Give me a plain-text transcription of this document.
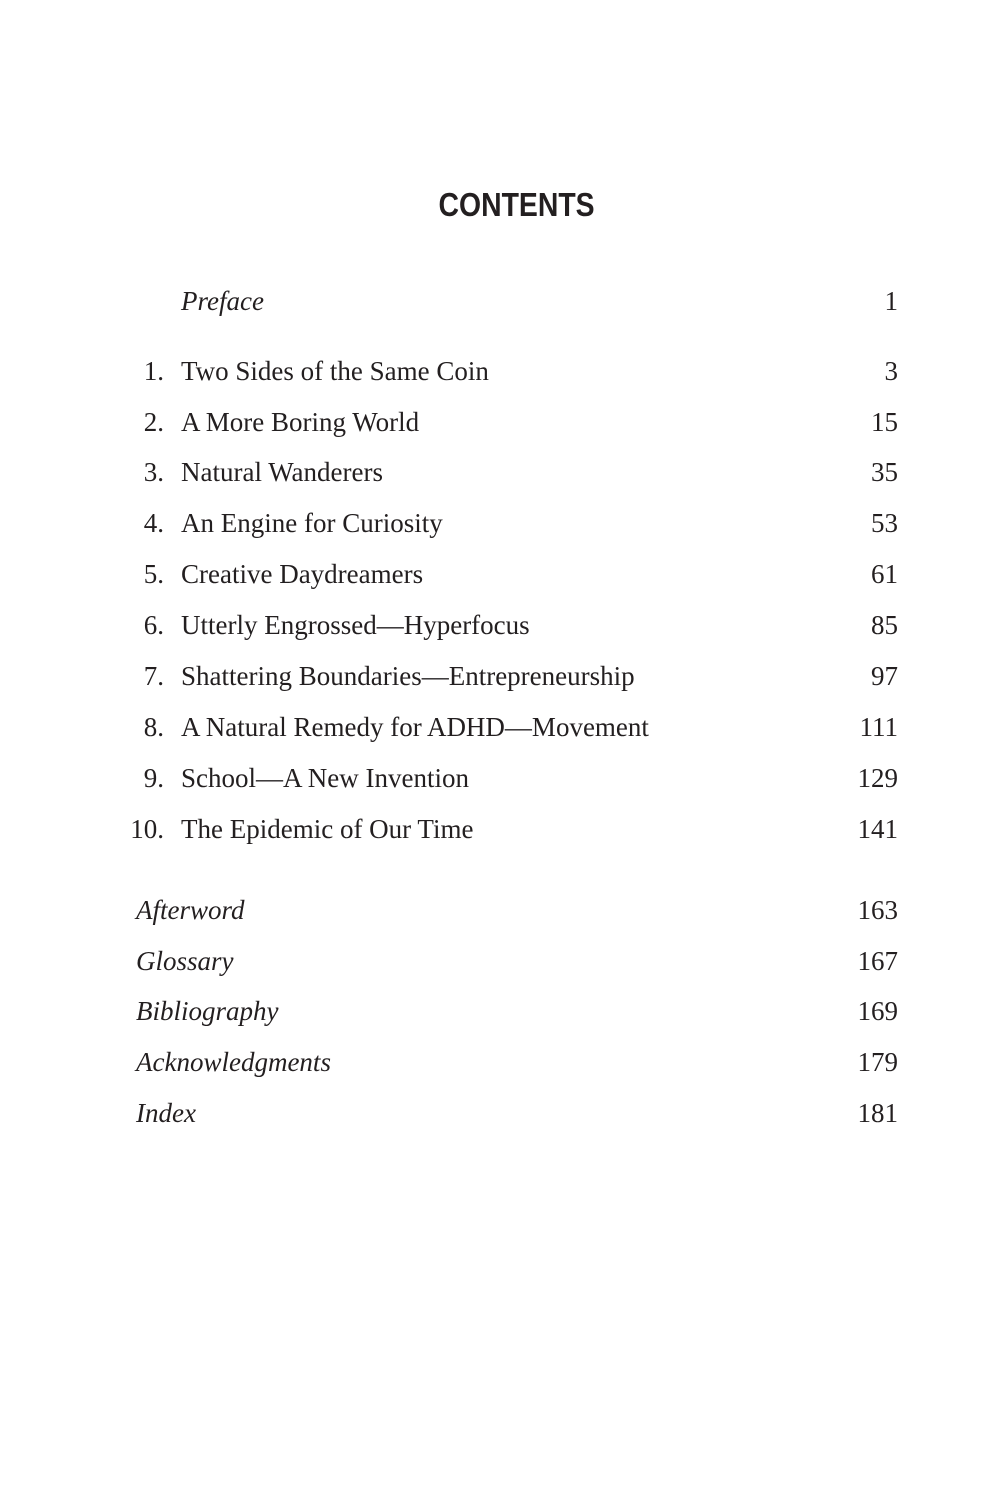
CONTENTS
Preface	1
1. Two Sides of the Same Coin	3
2. A More Boring World	15
3. Natural Wanderers	35
4. An Engine for Curiosity	53
5. Creative Daydreamers	61
6. Utterly Engrossed—Hyperfocus	85
7. Shattering Boundaries—Entrepreneurship	97
8. A Natural Remedy for ADHD—Movement	111
9. School—A New Invention	129
10. The Epidemic of Our Time	141
Afterword	163
Glossary	167
Bibliography	169
Acknowledgments	179
Index	181
